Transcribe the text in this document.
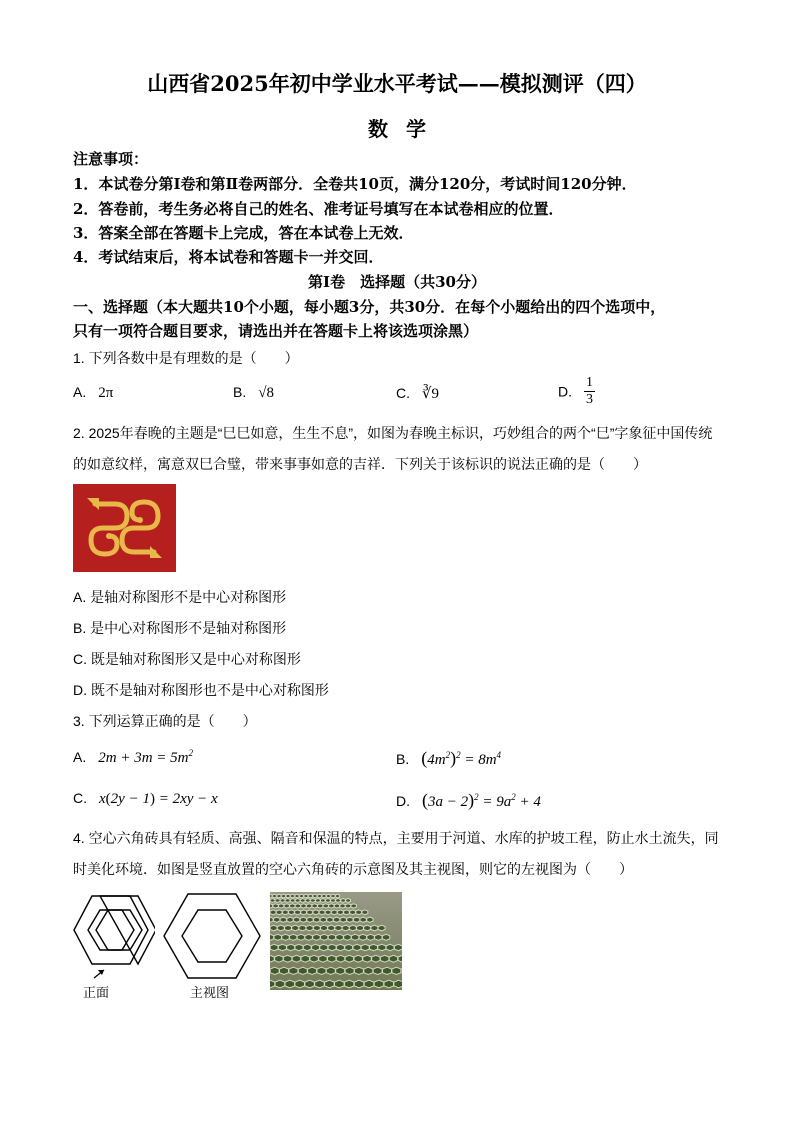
山西省2025年初中学业水平考试——模拟测评（四）
数学
注意事项：
1．本试卷分第Ⅰ卷和第Ⅱ卷两部分．全卷共10页，满分120分，考试时间120分钟．
2．答卷前，考生务必将自己的姓名、准考证号填写在本试卷相应的位置．
3．答案全部在答题卡上完成，答在本试卷上无效．
4．考试结束后，将本试卷和答题卡一并交回．
第Ⅰ卷　选择题（共30分）
一、选择题（本大题共10个小题，每小题3分，共30分．在每个小题给出的四个选项中，
只有一项符合题目要求，请选出并在答题卡上将该选项涂黑）
1. 下列各数中是有理数的是（　　）
A. 2π	B. √8	C. ∛9	D. $\frac{1}{3}$
2. 2025年春晚的主题是“巳巳如意，生生不息”，如图为春晚主标识，巧妙组合的两个“巳”字象征中国传统
的如意纹样，寓意双巳合璧，带来事事如意的吉祥．下列关于该标识的说法正确的是（　　）
A. 是轴对称图形不是中心对称图形
B. 是中心对称图形不是轴对称图形
C. 既是轴对称图形又是中心对称图形
D. 既不是轴对称图形也不是中心对称图形
3. 下列运算正确的是（　　）
A. $2m + 3m = 5m^2$	B. $(4m^2)^2 = 8m^4$
C. x(2y − 1) = 2xy − x	D. $(3a - 2)^2 = 9a^2 + 4$
4. 空心六角砖具有轻质、高强、隔音和保温的特点，主要用于河道、水库的护坡工程，防止水土流失，同
时美化环境．如图是竖直放置的空心六角砖的示意图及其主视图，则它的左视图为（　　）
正面	主视图
